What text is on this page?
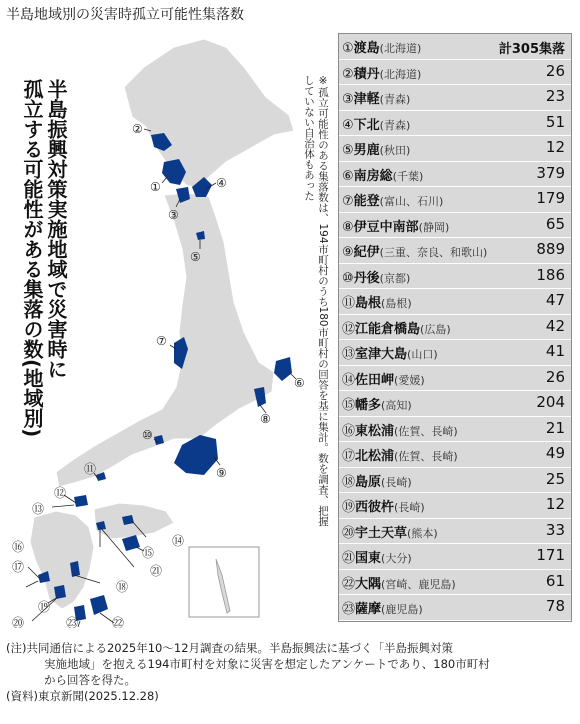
半島地域別の災害時孤立可能性集落数
②
①
③
④
⑤
⑦
⑥
⑧
⑨
⑩
⑪
⑫
⑬
⑭
⑮
⑯
⑰
⑱
⑲
⑳
㉑
㉒
㉓
半島振興対策実施地域で災害時に
孤立する可能性がある集落の数(地域別)	※孤立可能性のある集落数は、194市町村のうち180市町村の回答を基に集計。数を調査、把握
していない自治体もあった
①渡島(北海道)	計305集落
②積丹(北海道)	26
③津軽(青森)	23
④下北(青森)	51
⑤男鹿(秋田)	12
⑥南房総(千葉)	379
⑦能登(富山、石川)	179
⑧伊豆中南部(静岡)	65
⑨紀伊(三重、奈良、和歌山)	889
⑩丹後(京都)	186
⑪島根(島根)	47
⑫江能倉橋島(広島)	42
⑬室津大島(山口)	41
⑭佐田岬(愛媛)	26
⑮幡多(高知)	204
⑯東松浦(佐賀、長崎)	21
⑰北松浦(佐賀、長崎)	49
⑱島原(長崎)	25
⑲西彼杵(長崎)	12
⑳宇土天草(熊本)	33
㉑国東(大分)	171
㉒大隅(宮崎、鹿児島)	61
㉓薩摩(鹿児島)	78
(注)共同通信による2025年10～12月調査の結果。半島振興法に基づく「半島振興対策
実施地域」を抱える194市町村を対象に災害を想定したアンケートであり、180市町村
から回答を得た。
(資料)東京新聞(2025.12.28)
